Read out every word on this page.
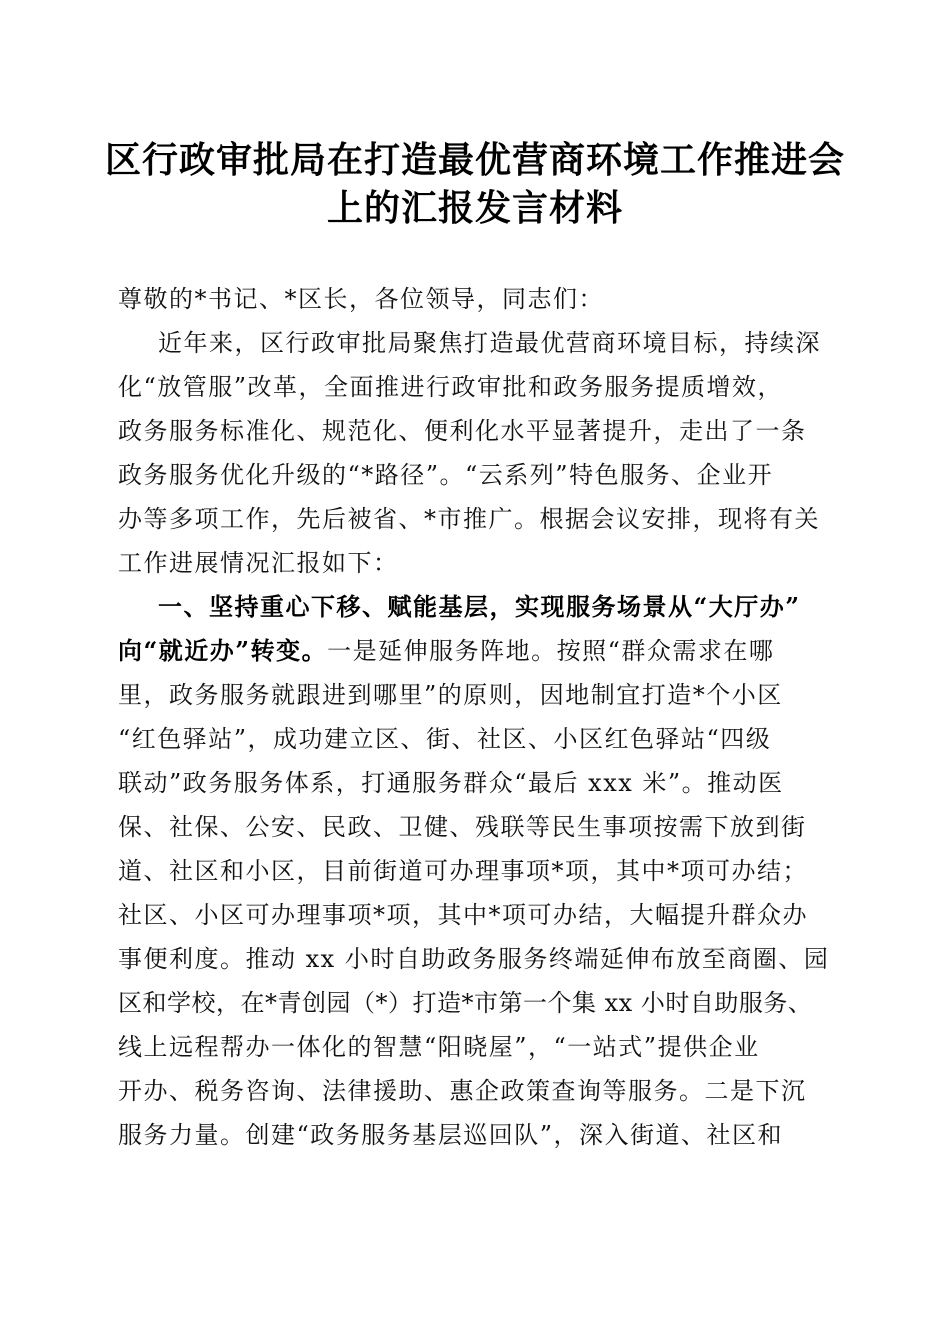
区行政审批局在打造最优营商环境工作推进会
上的汇报发言材料
尊敬的*书记、*区长，各位领导，同志们：
近年来，区行政审批局聚焦打造最优营商环境目标，持续深
化“放管服”改革，全面推进行政审批和政务服务提质增效，
政务服务标准化、规范化、便利化水平显著提升，走出了一条
政务服务优化升级的“*路径”。“云系列”特色服务、企业开
办等多项工作，先后被省、*市推广。根据会议安排，现将有关
工作进展情况汇报如下：
一、坚持重心下移、赋能基层，实现服务场景从“大厅办”
向“就近办”转变。一是延伸服务阵地。按照“群众需求在哪
里，政务服务就跟进到哪里”的原则，因地制宜打造*个小区
“红色驿站”，成功建立区、街、社区、小区红色驿站“四级
联动”政务服务体系，打通服务群众“最后 xxx 米”。推动医
保、社保、公安、民政、卫健、残联等民生事项按需下放到街
道、社区和小区，目前街道可办理事项*项，其中*项可办结；
社区、小区可办理事项*项，其中*项可办结，大幅提升群众办
事便利度。推动 xx 小时自助政务服务终端延伸布放至商圈、园
区和学校，在*青创园（*）打造*市第一个集 xx 小时自助服务、
线上远程帮办一体化的智慧“阳晓屋”，“一站式”提供企业
开办、税务咨询、法律援助、惠企政策查询等服务。二是下沉
服务力量。创建“政务服务基层巡回队”，深入街道、社区和
